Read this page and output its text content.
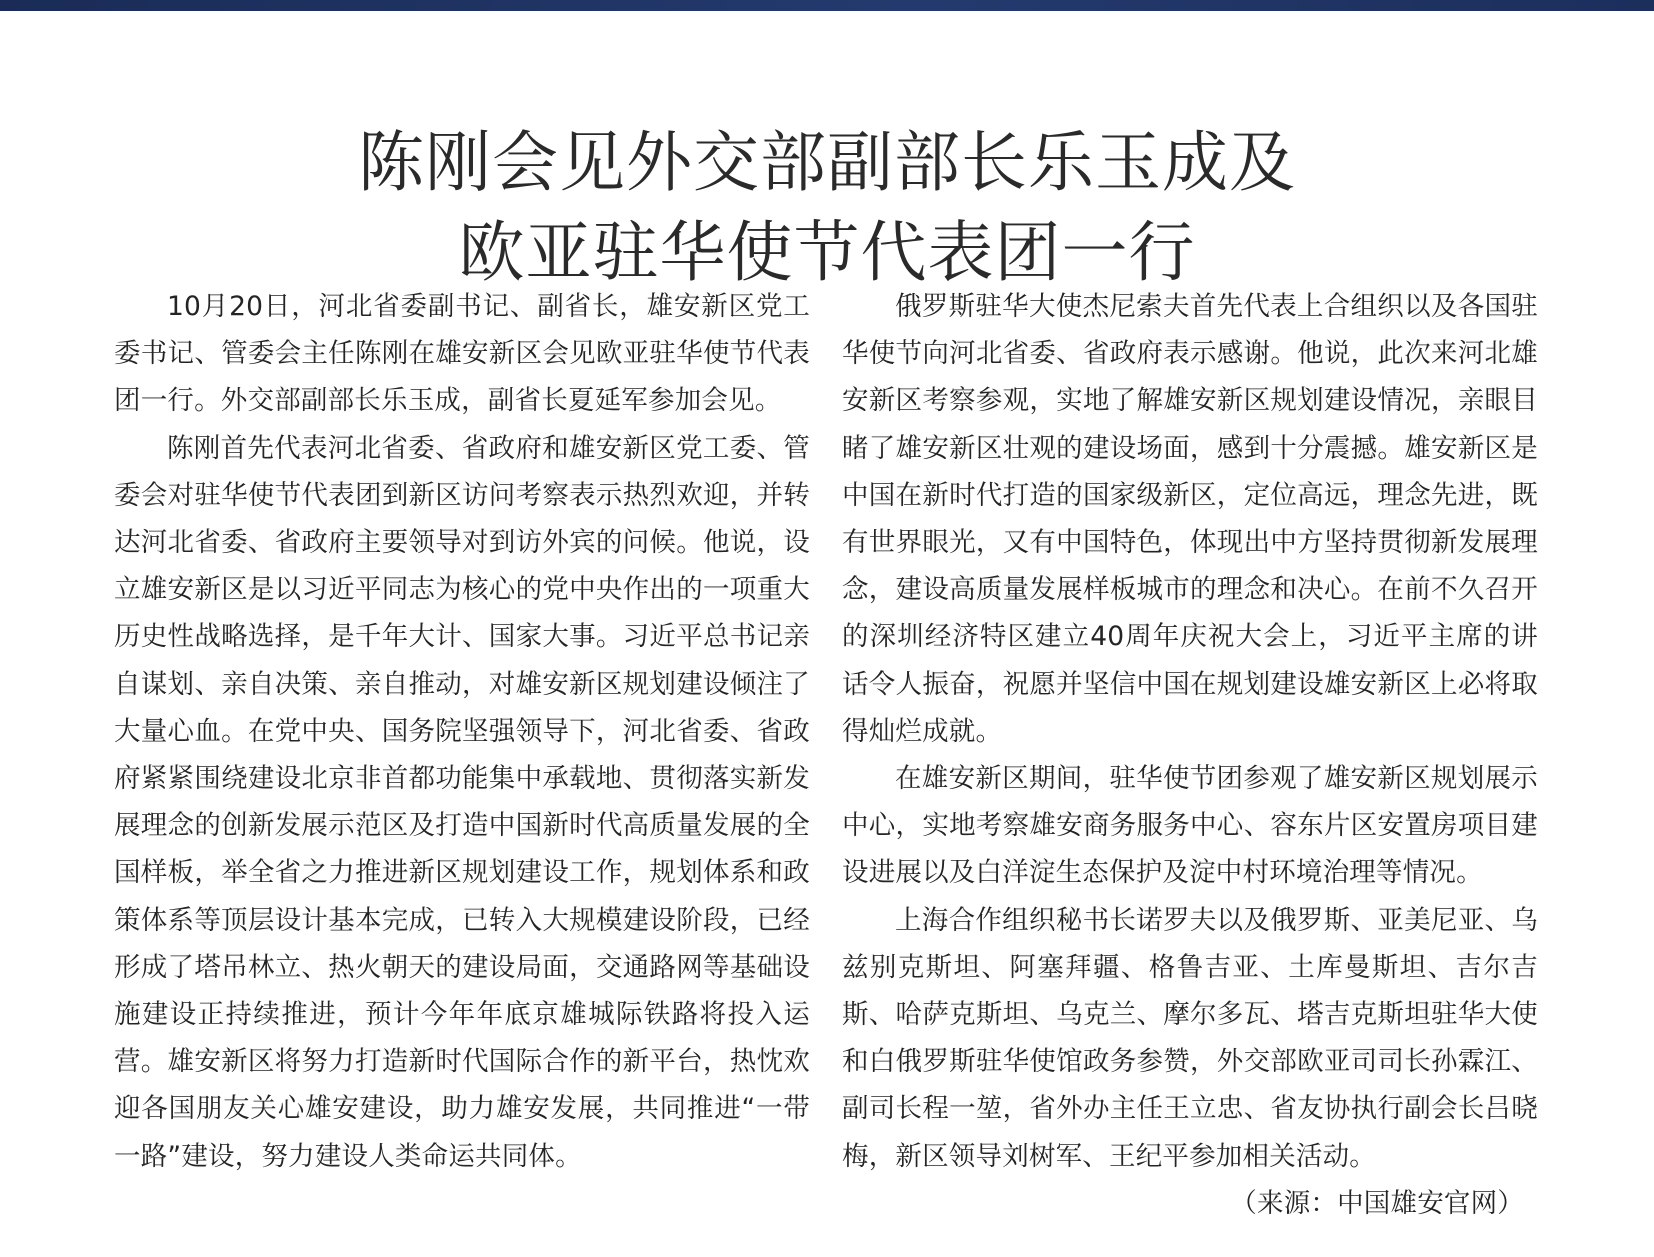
陈刚会见外交部副部长乐玉成及
欧亚驻华使节代表团一行

10月20日，河北省委副书记、副省长，雄安新区党工委书记、管委会主任陈刚在雄安新区会见欧亚驻华使节代表团一行。外交部副部长乐玉成，副省长夏延军参加会见。

陈刚首先代表河北省委、省政府和雄安新区党工委、管委会对驻华使节代表团到新区访问考察表示热烈欢迎，并转达河北省委、省政府主要领导对到访外宾的问候。他说，设立雄安新区是以习近平同志为核心的党中央作出的一项重大历史性战略选择，是千年大计、国家大事。习近平总书记亲自谋划、亲自决策、亲自推动，对雄安新区规划建设倾注了大量心血。在党中央、国务院坚强领导下，河北省委、省政府紧紧围绕建设北京非首都功能集中承载地、贯彻落实新发展理念的创新发展示范区及打造中国新时代高质量发展的全国样板，举全省之力推进新区规划建设工作，规划体系和政策体系等顶层设计基本完成，已转入大规模建设阶段，已经形成了塔吊林立、热火朝天的建设局面，交通路网等基础设施建设正持续推进，预计今年年底京雄城际铁路将投入运营。雄安新区将努力打造新时代国际合作的新平台，热忱欢迎各国朋友关心雄安建设，助力雄安发展，共同推进“一带一路”建设，努力建设人类命运共同体。

俄罗斯驻华大使杰尼索夫首先代表上合组织以及各国驻华使节向河北省委、省政府表示感谢。他说，此次来河北雄安新区考察参观，实地了解雄安新区规划建设情况，亲眼目睹了雄安新区壮观的建设场面，感到十分震撼。雄安新区是中国在新时代打造的国家级新区，定位高远，理念先进，既有世界眼光，又有中国特色，体现出中方坚持贯彻新发展理念，建设高质量发展样板城市的理念和决心。在前不久召开的深圳经济特区建立40周年庆祝大会上，习近平主席的讲话令人振奋，祝愿并坚信中国在规划建设雄安新区上必将取得灿烂成就。

在雄安新区期间，驻华使节团参观了雄安新区规划展示中心，实地考察雄安商务服务中心、容东片区安置房项目建设进展以及白洋淀生态保护及淀中村环境治理等情况。

上海合作组织秘书长诺罗夫以及俄罗斯、亚美尼亚、乌兹别克斯坦、阿塞拜疆、格鲁吉亚、土库曼斯坦、吉尔吉斯、哈萨克斯坦、乌克兰、摩尔多瓦、塔吉克斯坦驻华大使和白俄罗斯驻华使馆政务参赞，外交部欧亚司司长孙霖江、副司长程一堃，省外办主任王立忠、省友协执行副会长吕晓梅，新区领导刘树军、王纪平参加相关活动。

（来源：中国雄安官网）
